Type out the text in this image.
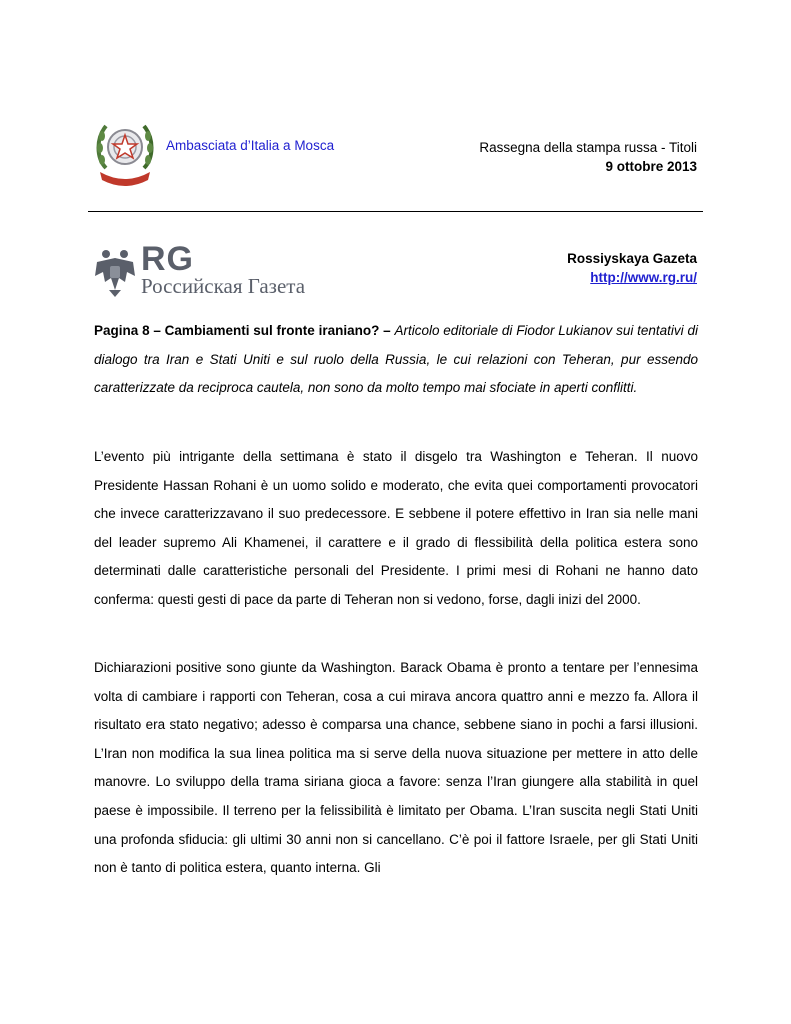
Ambasciata d’Italia a Mosca	Rassegna della stampa russa - Titoli
9 ottobre 2013
RG
Российская Газета
Rossiyskaya Gazeta
http://www.rg.ru/
Pagina 8 – Cambiamenti sul fronte iraniano? – Articolo editoriale di Fiodor Lukianov sui tentativi di dialogo tra Iran e Stati Uniti e sul ruolo della Russia, le cui relazioni con Teheran, pur essendo caratterizzate da reciproca cautela, non sono da molto tempo mai sfociate in aperti conflitti.
L’evento più intrigante della settimana è stato il disgelo tra Washington e Teheran. Il nuovo Presidente Hassan Rohani è un uomo solido e moderato, che evita quei comportamenti provocatori che invece caratterizzavano il suo predecessore. E sebbene il potere effettivo in Iran sia nelle mani del leader supremo Ali Khamenei, il carattere e il grado di flessibilità della politica estera sono determinati dalle caratteristiche personali del Presidente. I primi mesi di Rohani ne hanno dato conferma: questi gesti di pace da parte di Teheran non si vedono, forse, dagli inizi del 2000.
Dichiarazioni positive sono giunte da Washington. Barack Obama è pronto a tentare per l’ennesima volta di cambiare i rapporti con Teheran, cosa a cui mirava ancora quattro anni e mezzo fa. Allora il risultato era stato negativo; adesso è comparsa una chance, sebbene siano in pochi a farsi illusioni. L’Iran non modifica la sua linea politica ma si serve della nuova situazione per mettere in atto delle manovre. Lo sviluppo della trama siriana gioca a favore: senza l’Iran giungere alla stabilità in quel paese è impossibile. Il terreno per la felissibilità è limitato per Obama. L’Iran suscita negli Stati Uniti una profonda sfiducia: gli ultimi 30 anni non si cancellano. C’è poi il fattore Israele, per gli Stati Uniti non è tanto di politica estera, quanto interna. Gli
